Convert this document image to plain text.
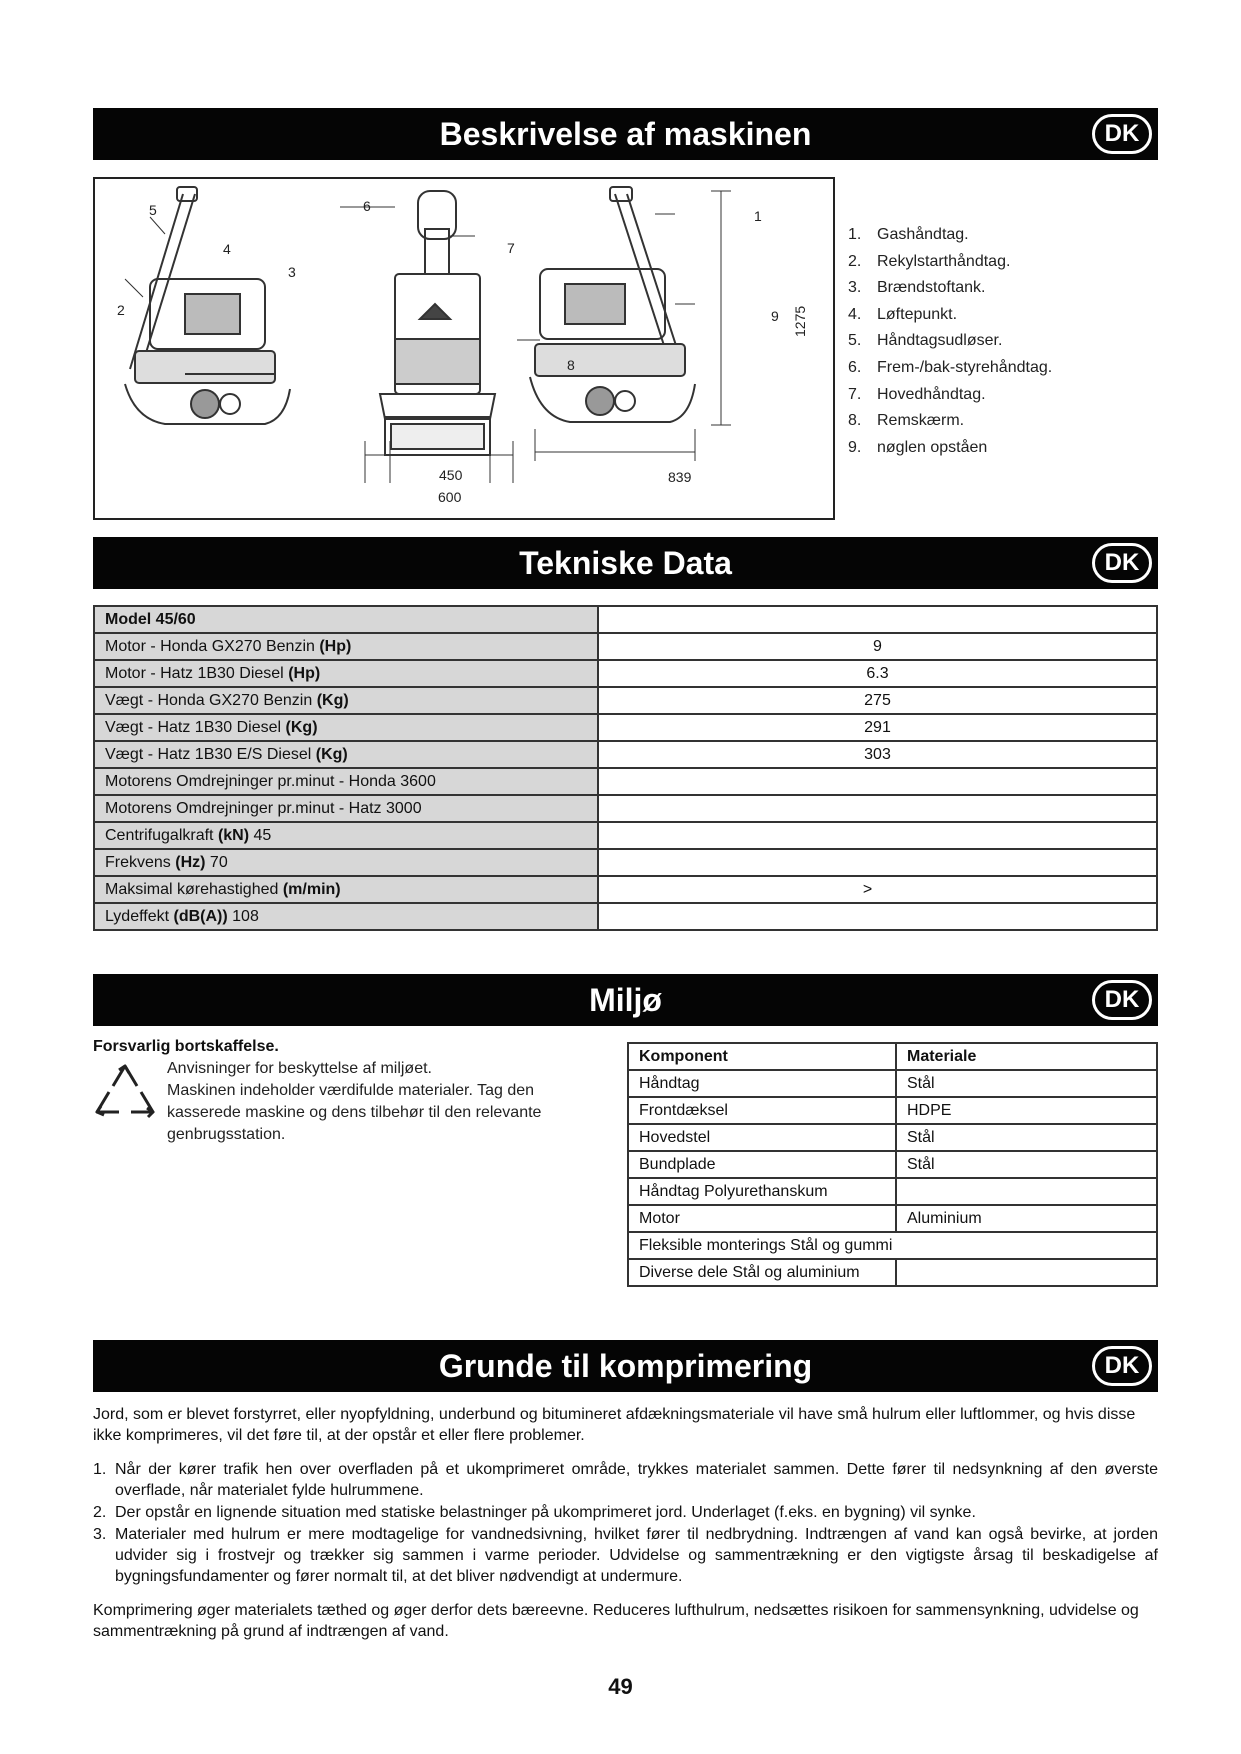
Beskrivelse af maskinen	DK
5
4
3
2
6
7
8
1
9 1275
450
600
839
1. Gashåndtag.
2. Rekylstarthåndtag.
3. Brændstoftank.
4. Løftepunkt.
5. Håndtagsudløser.
6. Frem-/bak-styrehåndtag.
7. Hovedhåndtag.
8. Remskærm.
9. nøglen opståen
Tekniske Data	DK
Model 45/60	
Motor - Honda GX270 Benzin (Hp)	9
Motor - Hatz 1B30 Diesel (Hp)	6.3
Vægt - Honda GX270 Benzin (Kg)	275
Vægt - Hatz 1B30 Diesel (Kg)	291
Vægt - Hatz 1B30 E/S Diesel (Kg)	303
Motorens Omdrejninger pr.minut - Honda 3600	
Motorens Omdrejninger pr.minut - Hatz 3000	
Centrifugalkraft (kN) 45	
Frekvens (Hz) 70	
Maksimal kørehastighed (m/min)	>
Lydeffekt (dB(A)) 108	
Miljø	DK
Forsvarlig bortskaffelse.

Anvisninger for beskyttelse af miljøet.

Maskinen indeholder værdifulde materialer. Tag den kasserede maskine og dens tilbehør til den relevante genbrugsstation.

Komponent	Materiale
Håndtag	Stål
Frontdæksel	HDPE
Hovedstel	Stål
Bundplade	Stål
Håndtag Polyurethanskum	
Motor	Aluminium
Fleksible monterings Stål og gummi	
Diverse dele Stål og aluminium	
Grunde til komprimering	DK

Jord, som er blevet forstyrret, eller nyopfyldning, underbund og bitumineret afdækningsmateriale vil have små hulrum eller luftlommer, og hvis disse ikke komprimeres, vil det føre til, at der opstår et eller flere problemer.

1. Når der kører trafik hen over overfladen på et ukomprimeret område, trykkes materialet sammen. Dette fører til nedsynkning af den øverste overflade, når materialet fylde hulrummene.
2. Der opstår en lignende situation med statiske belastninger på ukomprimeret jord. Underlaget (f.eks. en bygning) vil synke.
3. Materialer med hulrum er mere modtagelige for vandnedsivning, hvilket fører til nedbrydning. Indtrængen af vand kan også bevirke, at jorden udvider sig i frostvejr og trækker sig sammen i varme perioder. Udvidelse og sammentrækning er den vigtigste årsag til beskadigelse af bygningsfundamenter og fører normalt til, at det bliver nødvendigt at undermure.

Komprimering øger materialets tæthed og øger derfor dets bæreevne. Reduceres lufthulrum, nedsættes risikoen for sammensynkning, udvidelse og sammentrækning på grund af indtrængen af vand.

49
